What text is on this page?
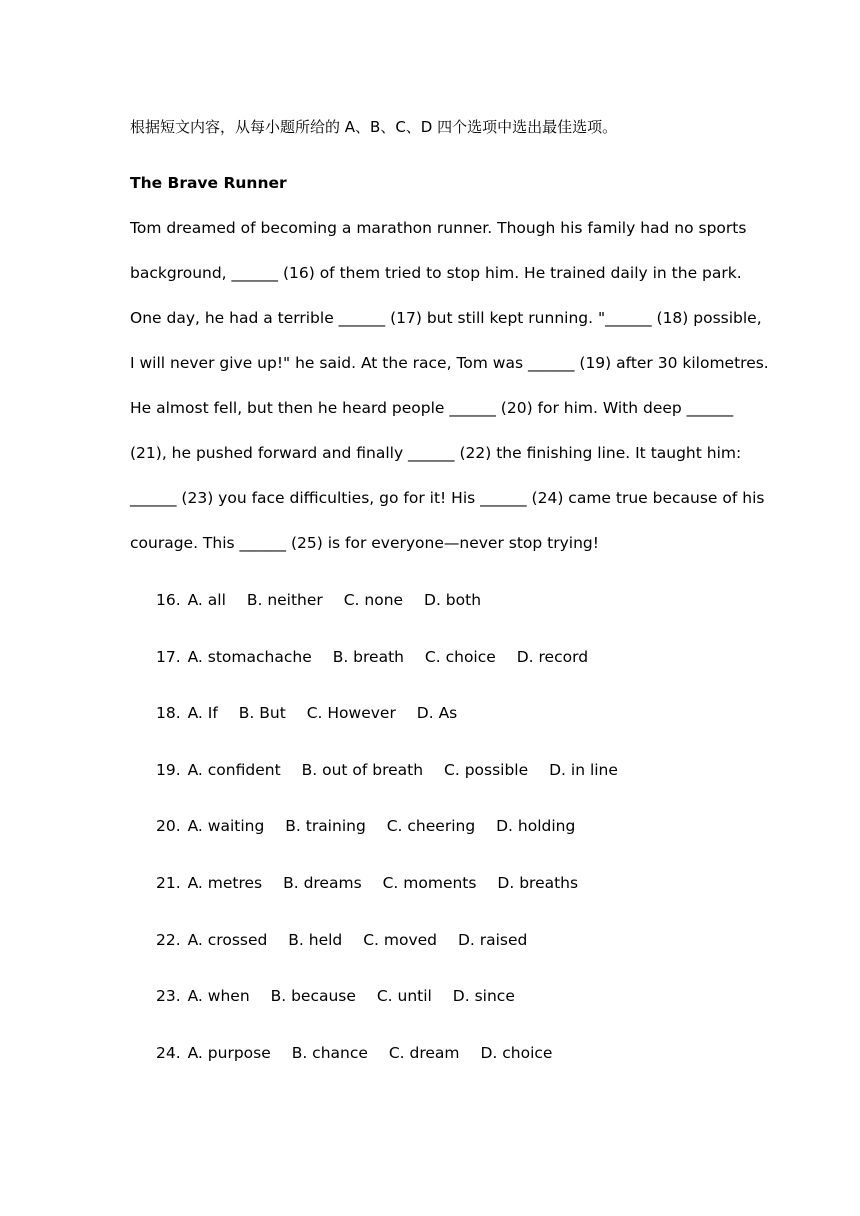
根据短文内容，从每小题所给的 A、B、C、D 四个选项中选出最佳选项。
The Brave Runner
Tom dreamed of becoming a marathon runner. Though his family had no sports
background, ______ (16) of them tried to stop him. He trained daily in the park.
One day, he had a terrible ______ (17) but still kept running. "______ (18) possible,
I will never give up!" he said. At the race, Tom was ______ (19) after 30 kilometres.
He almost fell, but then he heard people ______ (20) for him. With deep ______
(21), he pushed forward and finally ______ (22) the finishing line. It taught him:
______ (23) you face difficulties, go for it! His ______ (24) came true because of his
courage. This ______ (25) is for everyone—never stop trying!
16. A. all B. neither C. none D. both
17. A. stomachache B. breath C. choice D. record
18. A. If B. But C. However D. As
19. A. confident B. out of breath C. possible D. in line
20. A. waiting B. training C. cheering D. holding
21. A. metres B. dreams C. moments D. breaths
22. A. crossed B. held C. moved D. raised
23. A. when B. because C. until D. since
24. A. purpose B. chance C. dream D. choice
